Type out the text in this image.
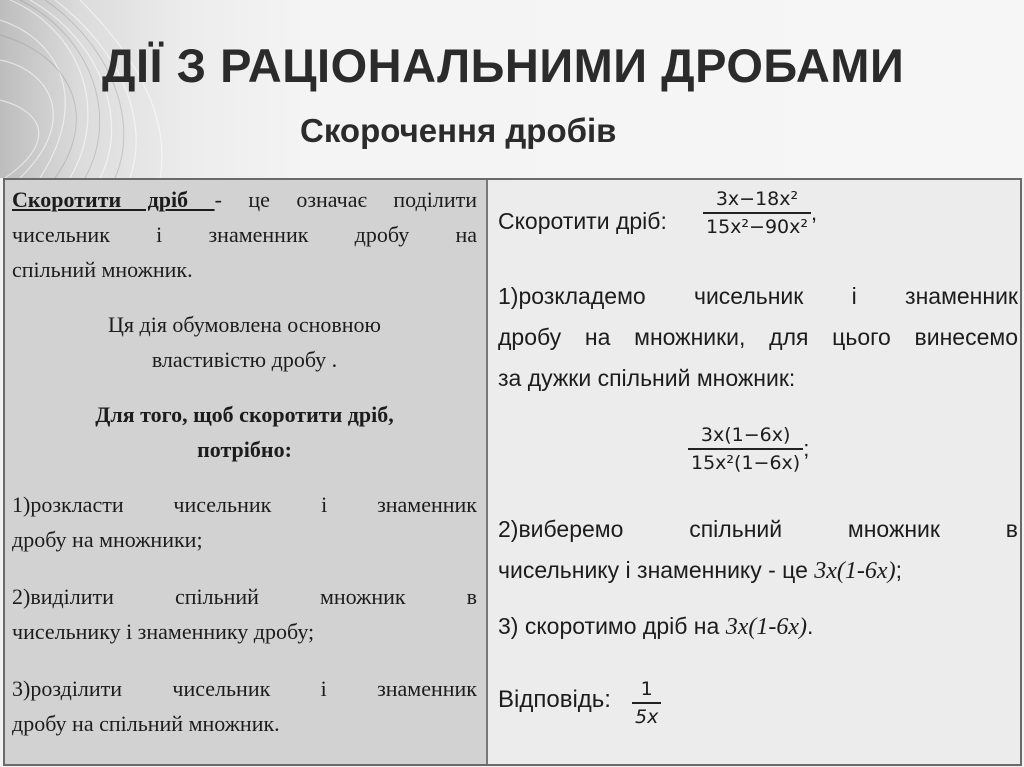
ДІЇ З РАЦІОНАЛЬНИМИ ДРОБАМИ
Скорочення дробів
Скоротити дріб - це означає поділити
чисельник і знаменник дробу на
спільний множник.
Ця дія обумовлена основною
властивістю дробу .
Для того, щоб скоротити дріб,
потрібно:
1)розкласти чисельник і знаменник
дробу на множники;
2)виділити спільний множник в
чисельнику і знаменнику дробу;
3)розділити чисельник і знаменник
дробу на спільний множник.
Скоротити дріб: $\frac{\text{3x−18x²}}{\text{15x²−90x²}}$ ,
1)розкладемо чисельник і знаменник
дробу на множники, для цього винесемо
за дужки спільний множник:
$\frac{3x(1-6x)}{\text{15x²(1−6x)}}$ ;
2)виберемо спільний множник в
чисельнику і знаменнику - це 3x(1-6x);
3) скоротимо дріб на 3x(1-6x).
Відповідь: $\frac{1}{5x}$
